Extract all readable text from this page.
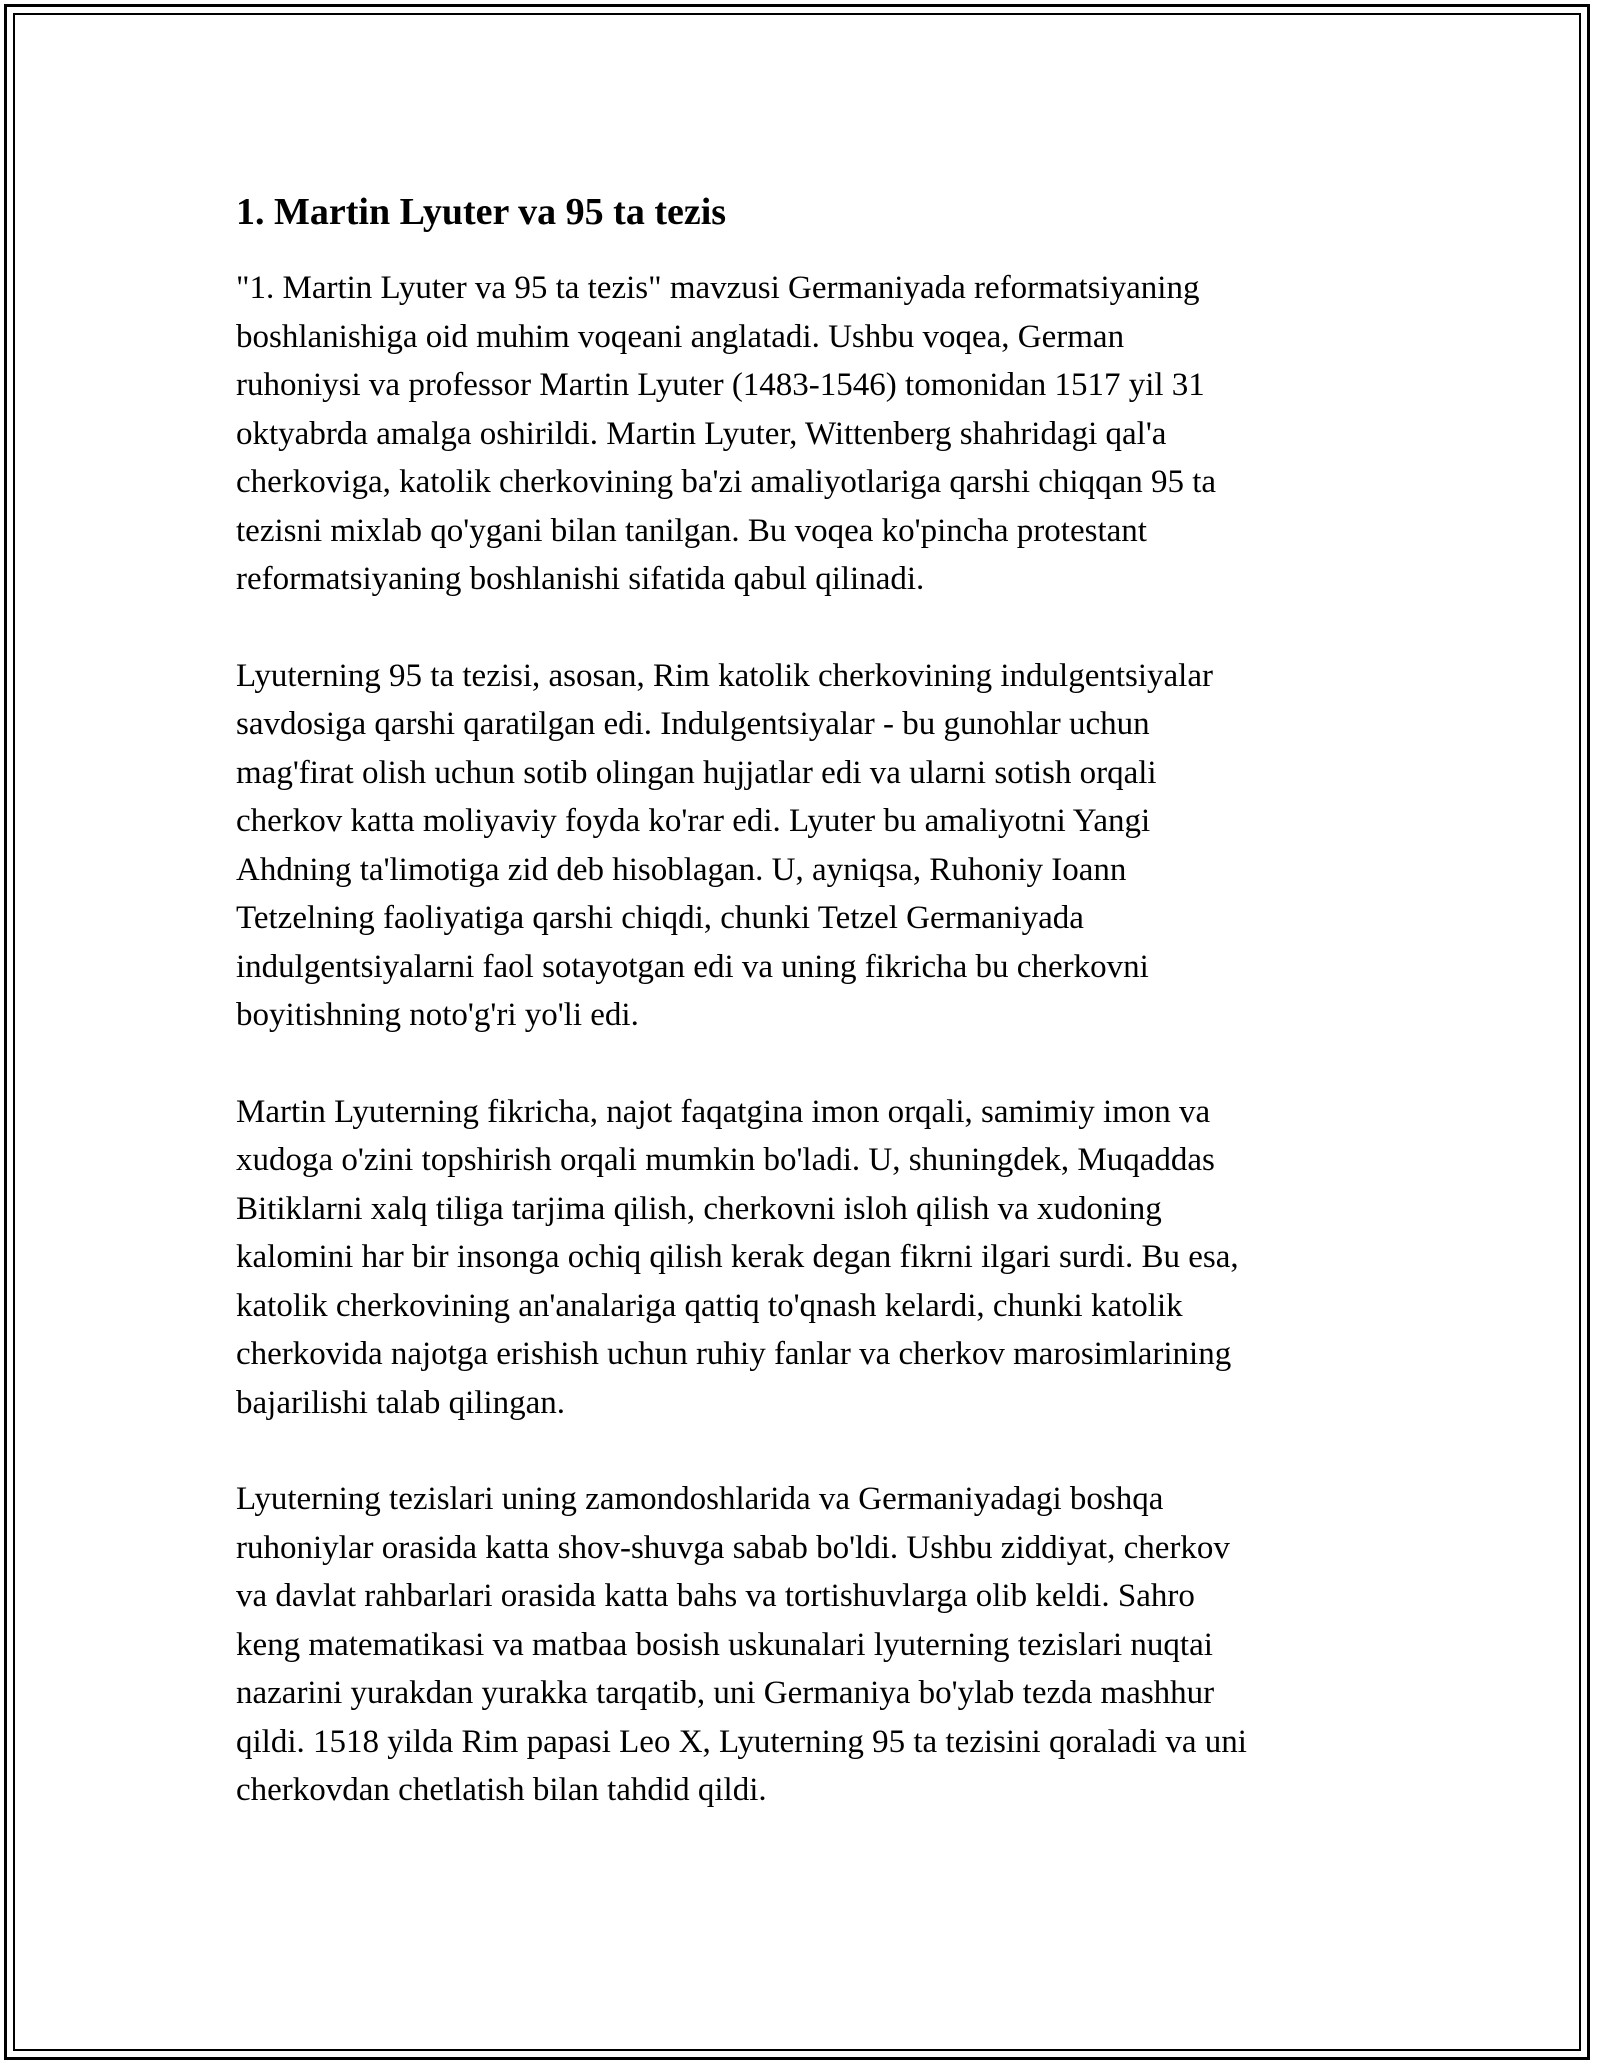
1. Martin Lyuter va 95 ta tezis

"1. Martin Lyuter va 95 ta tezis" mavzusi Germaniyada reformatsiyaning
boshlanishiga oid muhim voqeani anglatadi. Ushbu voqea, German
ruhoniysi va professor Martin Lyuter (1483-1546) tomonidan 1517 yil 31
oktyabrda amalga oshirildi. Martin Lyuter, Wittenberg shahridagi qal'a
cherkoviga, katolik cherkovining ba'zi amaliyotlariga qarshi chiqqan 95 ta
tezisni mixlab qo'ygani bilan tanilgan. Bu voqea ko'pincha protestant
reformatsiyaning boshlanishi sifatida qabul qilinadi.

Lyuterning 95 ta tezisi, asosan, Rim katolik cherkovining indulgentsiyalar
savdosiga qarshi qaratilgan edi. Indulgentsiyalar - bu gunohlar uchun
mag'firat olish uchun sotib olingan hujjatlar edi va ularni sotish orqali
cherkov katta moliyaviy foyda ko'rar edi. Lyuter bu amaliyotni Yangi
Ahdning ta'limotiga zid deb hisoblagan. U, ayniqsa, Ruhoniy Ioann
Tetzelning faoliyatiga qarshi chiqdi, chunki Tetzel Germaniyada
indulgentsiyalarni faol sotayotgan edi va uning fikricha bu cherkovni
boyitishning noto'g'ri yo'li edi.

Martin Lyuterning fikricha, najot faqatgina imon orqali, samimiy imon va
xudoga o'zini topshirish orqali mumkin bo'ladi. U, shuningdek, Muqaddas
Bitiklarni xalq tiliga tarjima qilish, cherkovni isloh qilish va xudoning
kalomini har bir insonga ochiq qilish kerak degan fikrni ilgari surdi. Bu esa,
katolik cherkovining an'analariga qattiq to'qnash kelardi, chunki katolik
cherkovida najotga erishish uchun ruhiy fanlar va cherkov marosimlarining
bajarilishi talab qilingan.

Lyuterning tezislari uning zamondoshlarida va Germaniyadagi boshqa
ruhoniylar orasida katta shov-shuvga sabab bo'ldi. Ushbu ziddiyat, cherkov
va davlat rahbarlari orasida katta bahs va tortishuvlarga olib keldi. Sahro
keng matematikasi va matbaa bosish uskunalari lyuterning tezislari nuqtai
nazarini yurakdan yurakka tarqatib, uni Germaniya bo'ylab tezda mashhur
qildi. 1518 yilda Rim papasi Leo X, Lyuterning 95 ta tezisini qoraladi va uni
cherkovdan chetlatish bilan tahdid qildi.
